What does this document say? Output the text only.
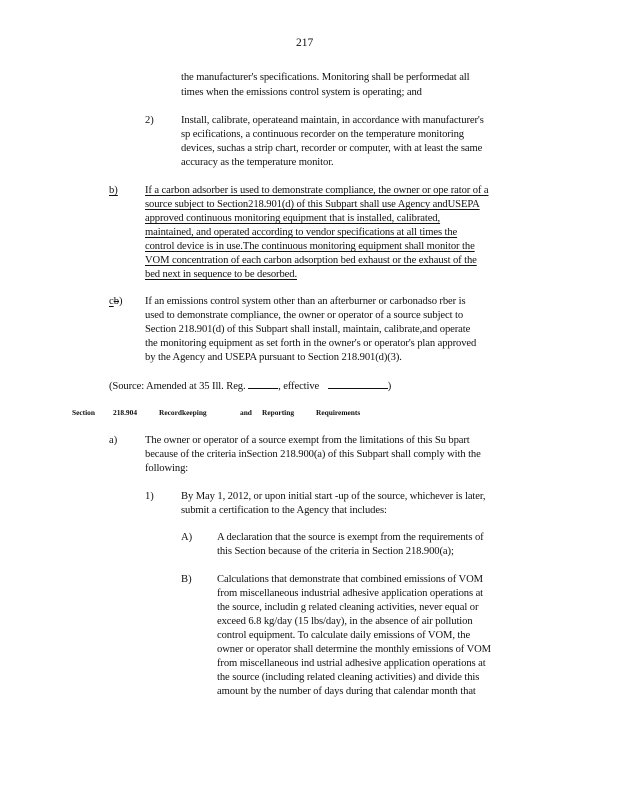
217
the manufacturer's specifications. Monitoring shall be performedat all
times when the emissions control system is operating; and
2)	Install, calibrate, operateand maintain, in accordance with manufacturer's
sp ecifications, a continuous recorder on the temperature monitoring
devices, suchas a strip chart, recorder or computer, with at least the same
accuracy as the temperature monitor.
b)	If a carbon adsorber is used to demonstrate compliance, the owner or ope rator of a
source subject to Section218.901(d) of this Subpart shall use Agency andUSEPA
approved continuous monitoring equipment that is installed, calibrated,
maintained, and operated according to vendor specifications at all times the
control device is in use.The continuous monitoring equipment shall monitor the
VOM concentration of each carbon adsorption bed exhaust or the exhaust of the
bed next in sequence to be desorbed.
cb) If an emissions control system other than an afterburner or carbonadso rber is
used to demonstrate compliance, the owner or operator of a source subject to
Section 218.901(d) of this Subpart shall install, maintain, calibrate,and operate
the monitoring equipment as set forth in the owner's or operator's plan approved
by the Agency and USEPA pursuant to Section 218.901(d)(3).
(Source: Amended at 35 Ill. Reg.	, effective	)
Section 218.904	Recordkeeping	and Reporting	Requirements
a)	The owner or operator of a source exempt from the limitations of this Su bpart
because of the criteria inSection 218.900(a) of this Subpart shall comply with the
following:
1)	By May 1, 2012, or upon initial start -up of the source, whichever is later,
submit a certification to the Agency that includes:
A) A declaration that the source is exempt from the requirements of
this Section because of the criteria in Section 218.900(a);
B) Calculations that demonstrate that combined emissions of VOM
from miscellaneous industrial adhesive application operations at
the source, includin g related cleaning activities, never equal or
exceed 6.8 kg/day (15 lbs/day), in the absence of air pollution
control equipment. To calculate daily emissions of VOM, the
owner or operator shall determine the monthly emissions of VOM
from miscellaneous ind ustrial adhesive application operations at
the source (including related cleaning activities) and divide this
amount by the number of days during that calendar month that
